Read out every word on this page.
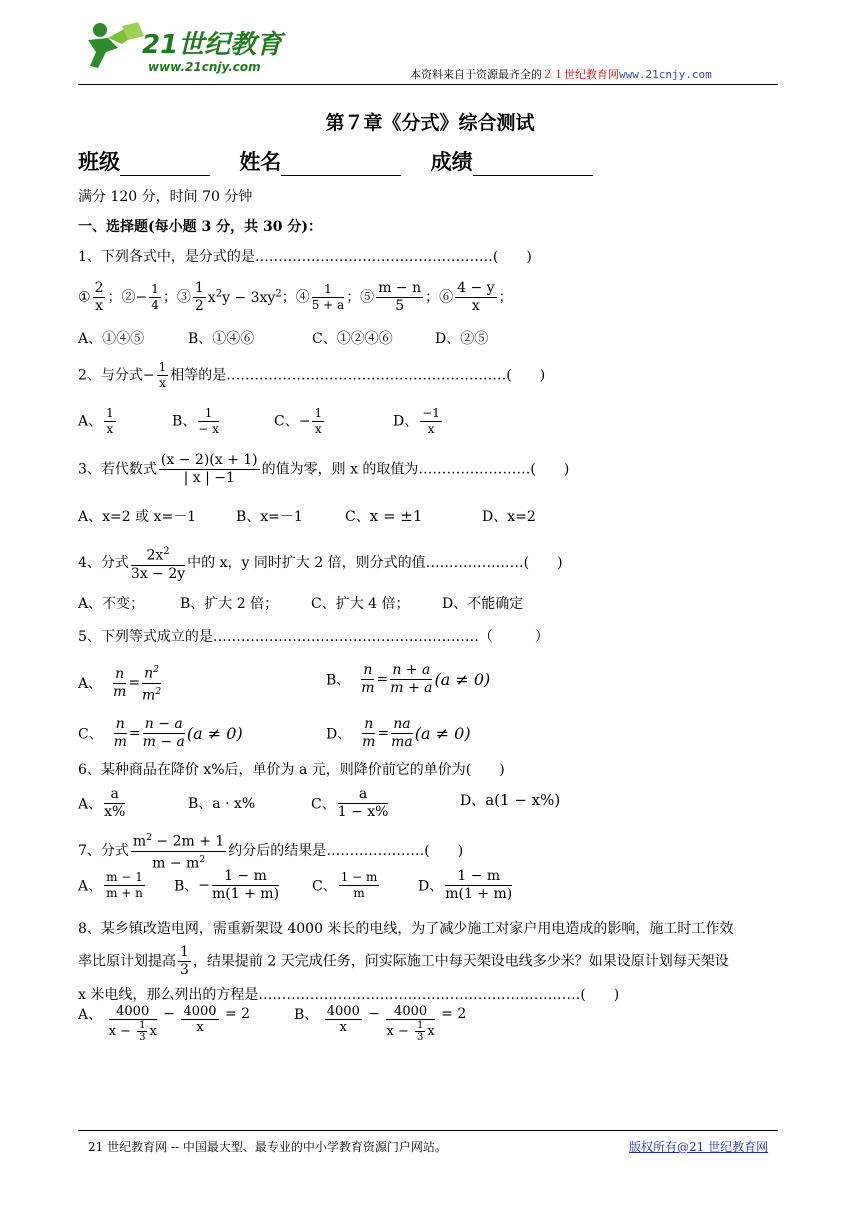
21世纪教育
www.21cnjy.com
本资料来自于资源最齐全的２１世纪教育网www.21cnjy.com
第７章《分式》综合测试
班级	姓名	成绩
满分 120 分，时间 70 分钟
一、选择题(每小题 3 分，共 30 分)：
1、下列各式中，是分式的是……………………………………………(　　)
① $\frac{2}{x}$ ；②− $\frac{1}{4}$ ；③ $\frac{1}{2} x^2y - 3xy^2$；④ $\frac{1}{5 + a}$ ；⑤ $\frac{m - n}{5}$ ；⑥ $\frac{4 - y}{x}$ ；
A、①④⑤	B、①④⑥	C、①②④⑥	D、②⑤
2、与分式− $\frac{1}{x}$ 相等的是……………………………………………………(　　)
A、 $\frac{1}{x}$	B、 $\frac{1}{- x}$	C、− $\frac{1}{x}$	D、 $\frac{-1}{x}$
3、若代数式 $\frac{(x - 2)(x + 1)}{| x | -1}$ 的值为零，则 x 的取值为……………………(　　)
A、x=2 或 x=－1	B、x=－1	C、x = ±1	D、x=2
4、分式 $\frac{2x^2}{3x - 2y}$ 中的 x，y 同时扩大 2 倍，则分式的值…………………(　　)
A、不变；	B、扩大 2 倍； C、扩大 4 倍； D、不能确定
5、下列等式成立的是…………………………………………………（　　　）
A、 $\frac{n}{m} = \frac{n^2}{m^2}$	B、 $\frac{n}{m} = \frac{n + a}{m + a} (a \ne 0)$
C、 $\frac{n}{m} = \frac{n - a}{m - a} (a \ne 0)$	D、 $\frac{n}{m} = \frac{na}{ma} (a \ne 0)$
6、某种商品在降价 x%后，单价为 a 元，则降价前它的单价为(　　)
A、 $\frac{a}{x\%}$	B、a · x%	C、 $\frac{a}{1 - x\%}$	D、a(1 − x%)
7、分式 $\frac{m^2 - 2m + 1}{m - m^2}$ 约分后的结果是…………………(　　)
A、 $\frac{m - 1}{m + n}$ B、− $\frac{1 - m}{m(1 + m)}$ C、 $\frac{1 - m}{m}$	D、 $\frac{1 - m}{m(1 + m)}$
8、某乡镇改造电网，需重新架设 4000 米长的电线，为了减少施工对家户用电造成的影响，施工时工作效
率比原计划提高 $\frac{1}{3}$ ，结果提前 2 天完成任务，问实际施工中每天架设电线多少米？如果设原计划每天架设
x 米电线，那么列出的方程是……………………………………………………………(　　)
A、 $\frac{4000}{x - \frac{1}{3} x} - \frac{4000}{x} = 2$	B、 $\frac{4000}{x} - \frac{4000}{x - \frac{1}{3} x} = 2$
21 世纪教育网 -- 中国最大型、最专业的中小学教育资源门户网站。	版权所有@21 世纪教育网
